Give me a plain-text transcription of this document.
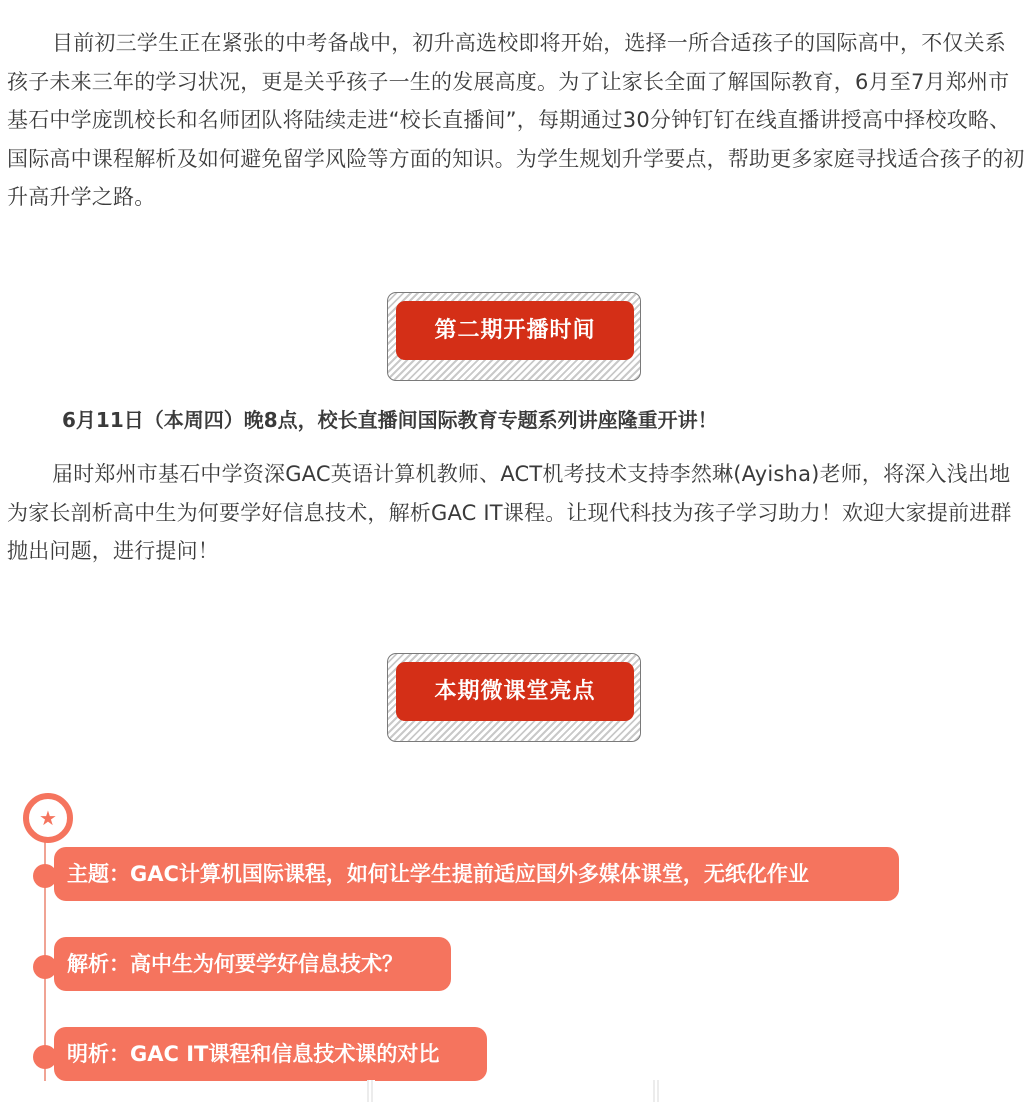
目前初三学生正在紧张的中考备战中，初升高选校即将开始，选择一所合适孩子的国际高中，不仅关系孩子未来三年的学习状况，更是关乎孩子一生的发展高度。为了让家长全面了解国际教育，6月至7月郑州市基石中学庞凯校长和名师团队将陆续走进“校长直播间”，每期通过30分钟钉钉在线直播讲授高中择校攻略、国际高中课程解析及如何避免留学风险等方面的知识。为学生规划升学要点，帮助更多家庭寻找适合孩子的初升高升学之路。

第二期开播时间

6月11日（本周四）晚8点，校长直播间国际教育专题系列讲座隆重开讲！

届时郑州市基石中学资深GAC英语计算机教师、ACT机考技术支持李然琳(Ayisha)老师，将深入浅出地为家长剖析高中生为何要学好信息技术，解析GAC IT课程。让现代科技为孩子学习助力！欢迎大家提前进群抛出问题，进行提问！

本期微课堂亮点
★
主题：GAC计算机国际课程，如何让学生提前适应国外多媒体课堂，无纸化作业
解析：高中生为何要学好信息技术？
明析：GAC IT课程和信息技术课的对比
